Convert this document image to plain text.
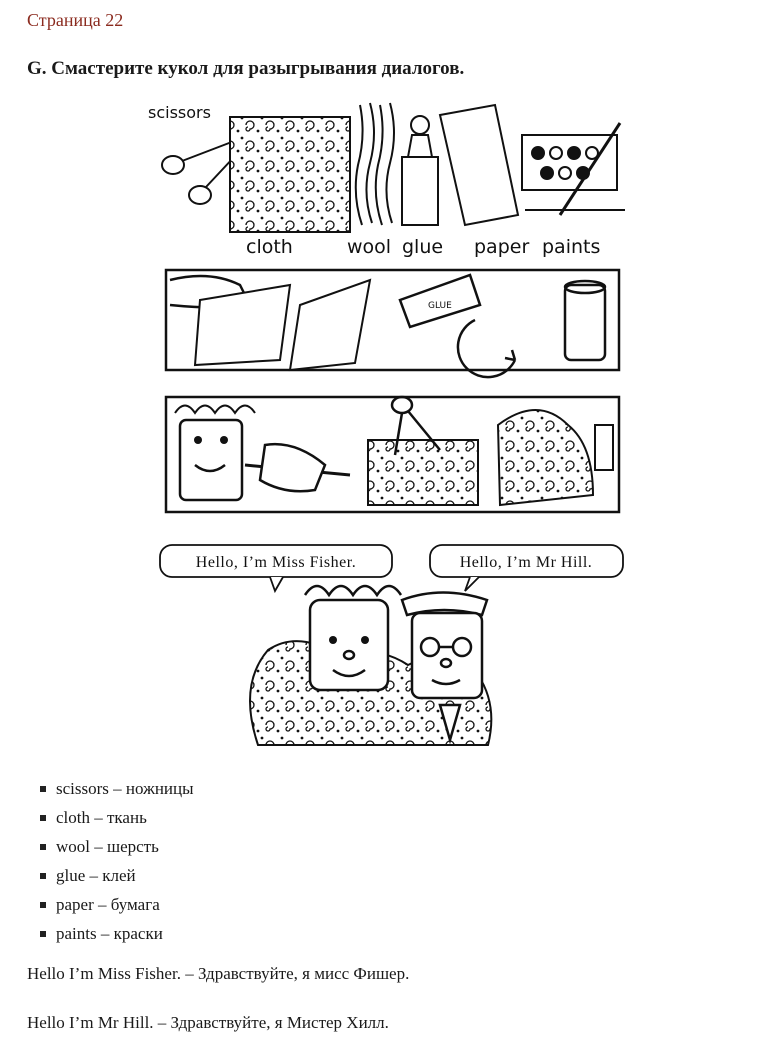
Страница 22
G. Смастерите кукол для разыгрывания диалогов.
scissors
cloth	wool glue paper paints
GLUE
Hello, I’m Miss Fisher.	Hello, I’m Mr Hill.
scissors – ножницы
cloth – ткань
wool – шерсть
glue – клей
paper – бумага
paints – краски

Hello I’m Miss Fisher. – Здравствуйте, я мисс Фишер.

Hello I’m Mr Hill. – Здравствуйте, я Мистер Хилл.
